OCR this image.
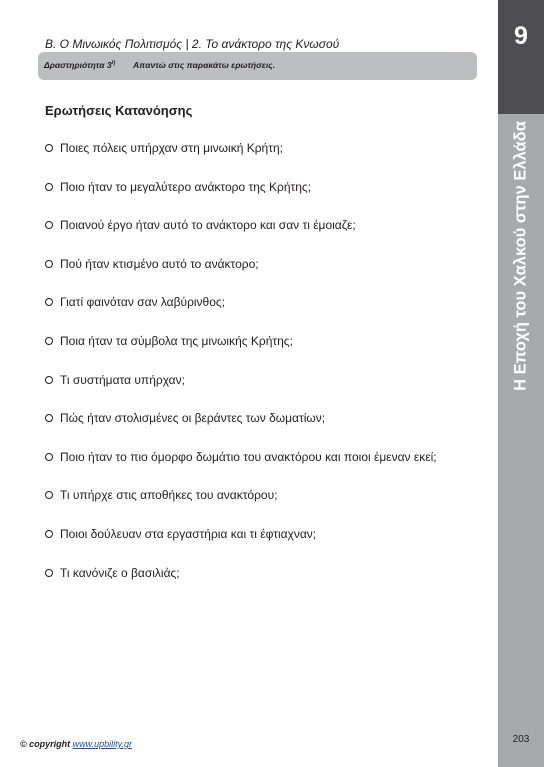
9
Η Εποχή του Χαλκού στην Ελλάδα
203
Β. Ο Μινωικός Πολιτισμός | 2. Το ανάκτορο της Κνωσού
Δραστηριότητα $3^\eta$ Απαντώ στις παρακάτω ερωτήσεις.
Ερωτήσεις Κατανόησης
Ποιες πόλεις υπήρχαν στη μινωική Κρήτη;
Ποιο ήταν το μεγαλύτερο ανάκτορο της Κρήτης;
Ποιανού έργο ήταν αυτό το ανάκτορο και σαν τι έμοιαζε;
Πού ήταν κτισμένο αυτό το ανάκτορο;
Γιατί φαινόταν σαν λαβύρινθος;
Ποια ήταν τα σύμβολα της μινωικής Κρήτης;
Τι συστήματα υπήρχαν;
Πώς ήταν στολισμένες οι βεράντες των δωματίων;
Ποιο ήταν το πιο όμορφο δωμάτιο του ανακτόρου και ποιοι έμεναν εκεί;
Τι υπήρχε στις αποθήκες του ανακτόρου;
Ποιοι δούλευαν στα εργαστήρια και τι έφτιαχναν;
Τι κανόνιζε ο βασιλιάς;
© copyright www.upbility.gr
